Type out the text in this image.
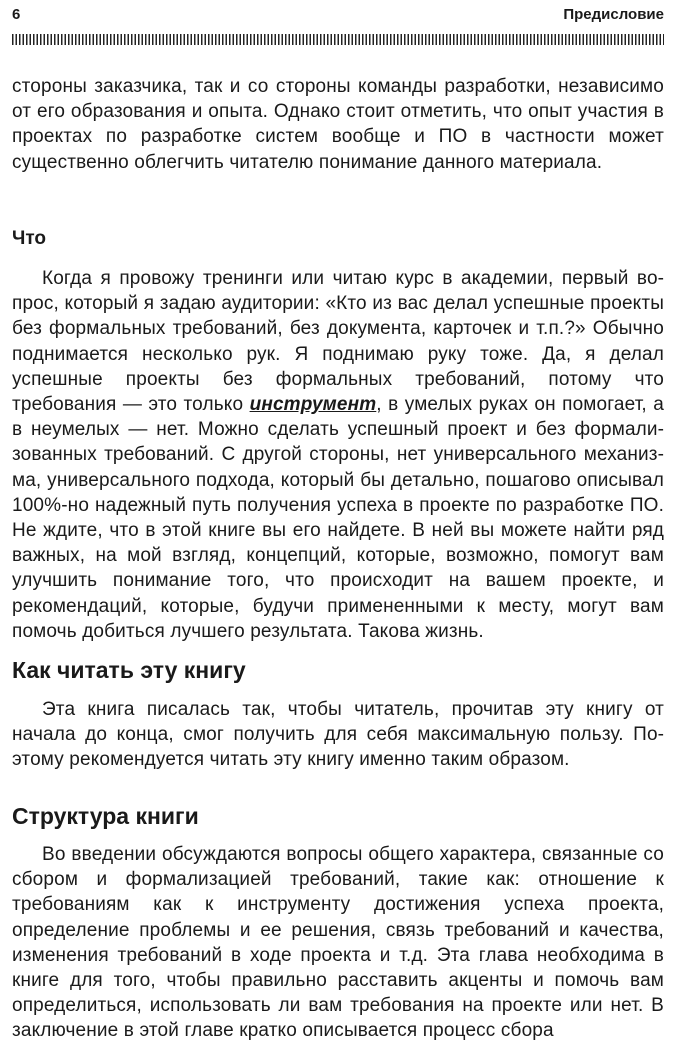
6	Предисловие

стороны заказчика, так и со стороны команды разработки, независимо от его образования и опыта. Однако стоит отметить, что опыт участия в проектах по разработке систем вообще и ПО в частности может существенно облегчить читателю понимание данного материала.

Что

Когда я провожу тренинги или читаю курс в академии, первый вопрос, который я задаю аудитории: «Кто из вас делал успешные проекты без формальных требований, без документа, карточек и т.п.?» Обычно поднимается несколько рук. Я поднимаю руку тоже. Да, я делал успешные проекты без формальных требований, потому что требования — это только инструмент, в умелых руках он помогает, а в неумелых — нет. Можно сделать успешный проект и без формализованных требований. С другой стороны, нет универсального механизма, универсального подхода, который бы детально, пошагово описывал 100%-но надежный путь получения успеха в проекте по разработке ПО. Не ждите, что в этой книге вы его найдете. В ней вы можете найти ряд важных, на мой взгляд, концепций, которые, возможно, помогут вам улучшить понимание того, что происходит на вашем проекте, и рекомендаций, которые, будучи примененными к месту, могут вам помочь добиться лучшего результата. Такова жизнь.

Как читать эту книгу

Эта книга писалась так, чтобы читатель, прочитав эту книгу от начала до конца, смог получить для себя максимальную пользу. Поэтому рекомендуется читать эту книгу именно таким образом.

Структура книги

Во введении обсуждаются вопросы общего характера, связанные со сбором и формализацией требований, такие как: отношение к требованиям как к инструменту достижения успеха проекта, определение проблемы и ее решения, связь требований и качества, изменения требований в ходе проекта и т.д. Эта глава необходима в книге для того, чтобы правильно расставить акценты и помочь вам определиться, использовать ли вам требования на проекте или нет. В заключение в этой главе кратко описывается процесс сбора
